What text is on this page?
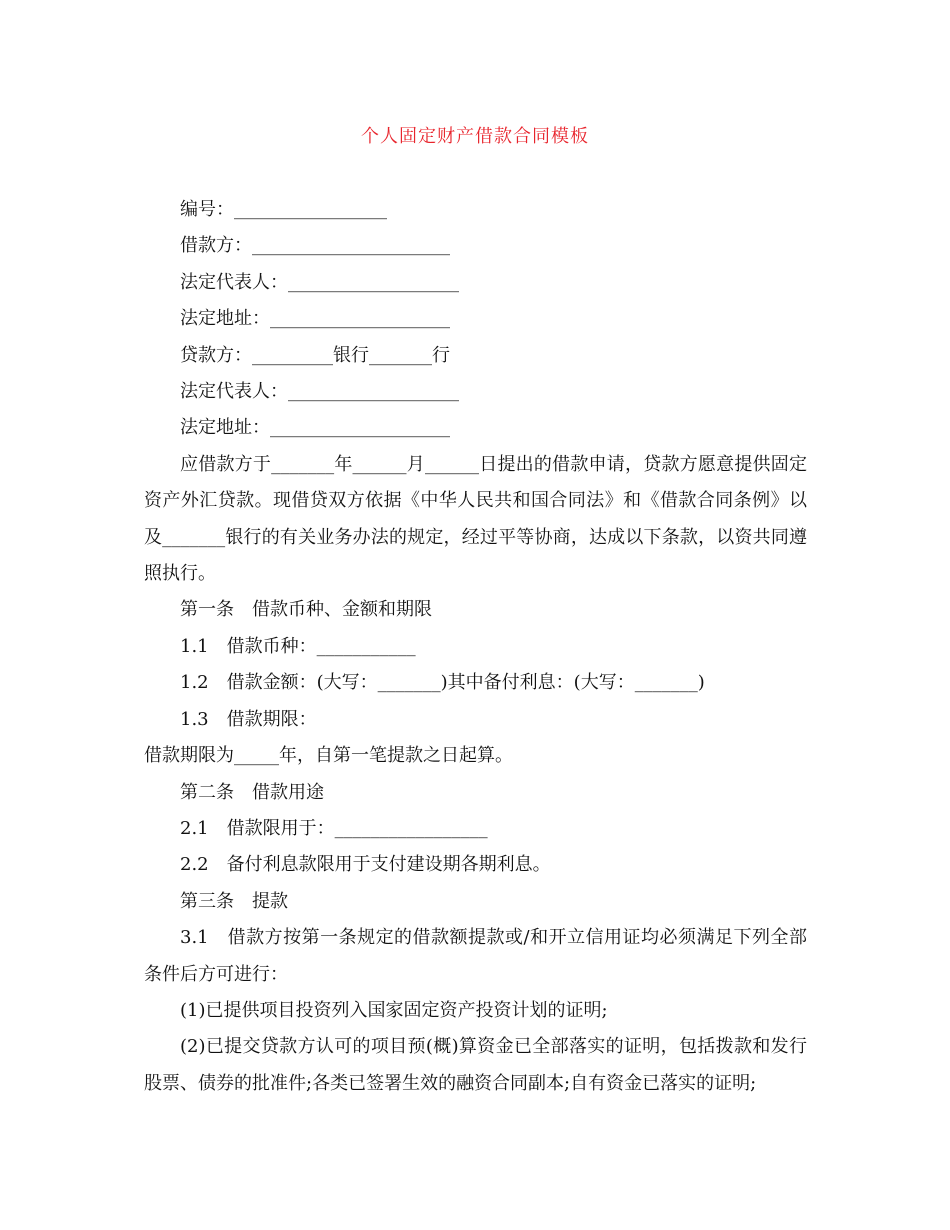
个人固定财产借款合同模板

编号：_________________

借款方：______________________

法定代表人：___________________

法定地址：____________________

贷款方：_________银行_______行

法定代表人：___________________

法定地址：____________________

应借款方于_______年______月______日提出的借款申请，贷款方愿意提供固定资产外汇贷款。现借贷双方依据《中华人民共和国合同法》和《借款合同条例》以及_______银行的有关业务办法的规定，经过平等协商，达成以下条款，以资共同遵照执行。

第一条　借款币种、金额和期限

1.1　借款币种：___________

1.2　借款金额：(大写：_______)其中备付利息：(大写：_______)

1.3　借款期限：

借款期限为_____年，自第一笔提款之日起算。

第二条　借款用途

2.1　借款限用于：_________________

2.2　备付利息款限用于支付建设期各期利息。

第三条　提款

3.1　借款方按第一条规定的借款额提款或/和开立信用证均必须满足下列全部条件后方可进行：

(1)已提供项目投资列入国家固定资产投资计划的证明;

(2)已提交贷款方认可的项目预(概)算资金已全部落实的证明，包括拨款和发行股票、债券的批准件;各类已签署生效的融资合同副本;自有资金已落实的证明;
